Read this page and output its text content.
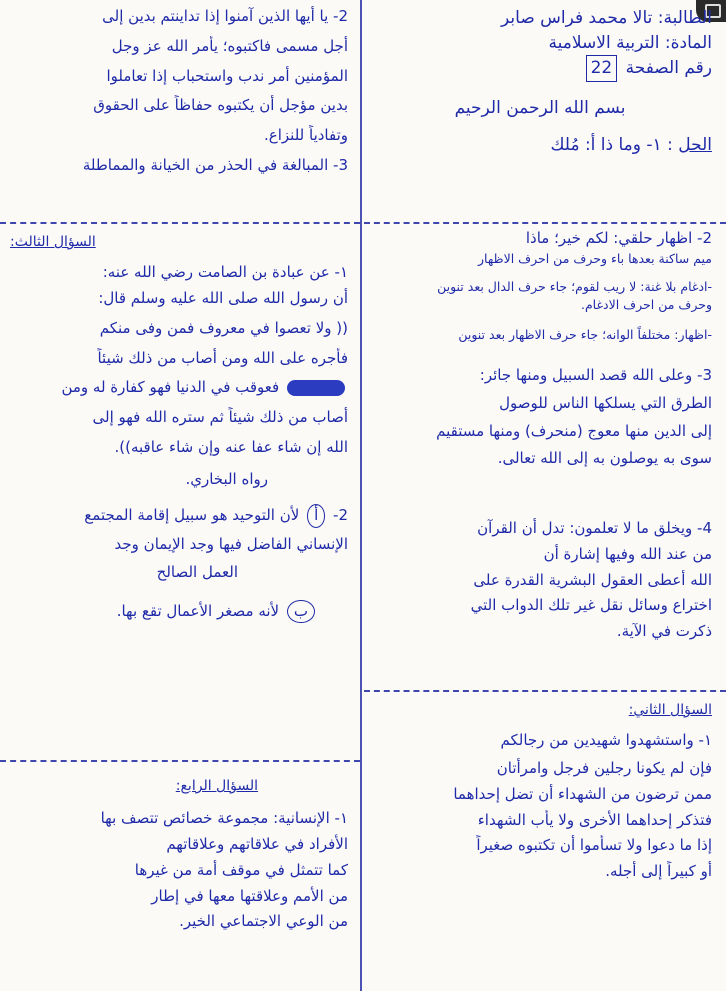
الطالبة: تالا محمد فراس صابر
المادة: التربية الاسلامية
رقم الصفحة 22
بسم الله الرحمن الرحيم
الحل : ١- وما ذا أ: مُلك
2- اظهار حلقي: لكم خير؛ ماذا
ميم ساكنة بعدها باء وحرف من احرف الاظهار
-ادغام بلا غنة: لا ريب لقوم؛ جاء حرف الدال بعد تنوين
وحرف من احرف الادغام.
-اظهار: مختلفاً الوانه؛ جاء حرف الاظهار بعد تنوين
3- وعلى الله قصد السبيل ومنها جائر:
الطرق التي يسلكها الناس للوصول
إلى الدين منها معوج (منحرف) ومنها مستقيم
سوى به يوصلون به إلى الله تعالى.
4- ويخلق ما لا تعلمون: تدل أن القرآن
من عند الله وفيها إشارة أن
الله أعطى العقول البشرية القدرة على
اختراع وسائل نقل غير تلك الدواب التي
ذكرت في الآية.
السؤال الثاني:
١- واستشهدوا شهيدين من رجالكم
فإن لم يكونا رجلين فرجل وامرأتان
ممن ترضون من الشهداء أن تضل إحداهما
فتذكر إحداهما الأخرى ولا يأب الشهداء
إذا ما دعوا ولا تسأموا أن تكتبوه صغيراً
أو كبيراً إلى أجله.
2- يا أيها الذين آمنوا إذا تداينتم بدين إلى
أجل مسمى فاكتبوه؛ يأمر الله عز وجل
المؤمنين أمر ندب واستحباب إذا تعاملوا
بدين مؤجل أن يكتبوه حفاظاً على الحقوق
وتفادياً للنزاع.
3- المبالغة في الحذر من الخيانة والمماطلة
السؤال الثالث:
١- عن عبادة بن الصامت رضي الله عنه:
أن رسول الله صلى الله عليه وسلم قال:
(( ولا تعصوا في معروف فمن وفى منكم
فأجره على الله ومن أصاب من ذلك شيئاً
فعوقب في الدنيا فهو كفارة له ومن
أصاب من ذلك شيئاً ثم ستره الله فهو إلى
الله إن شاء عفا عنه وإن شاء عاقبه)).
رواه البخاري.
2- أ لأن التوحيد هو سبيل إقامة المجتمع
الإنساني الفاضل فيها وجد الإيمان وجد
العمل الصالح
ب لأنه مصغر الأعمال تقع بها.
السؤال الرابع:
١- الإنسانية: مجموعة خصائص تتصف بها
الأفراد في علاقاتهم وعلاقاتهم
كما تتمثل في موقف أمة من غيرها
من الأمم وعلاقتها معها في إطار
من الوعي الاجتماعي الخير.
